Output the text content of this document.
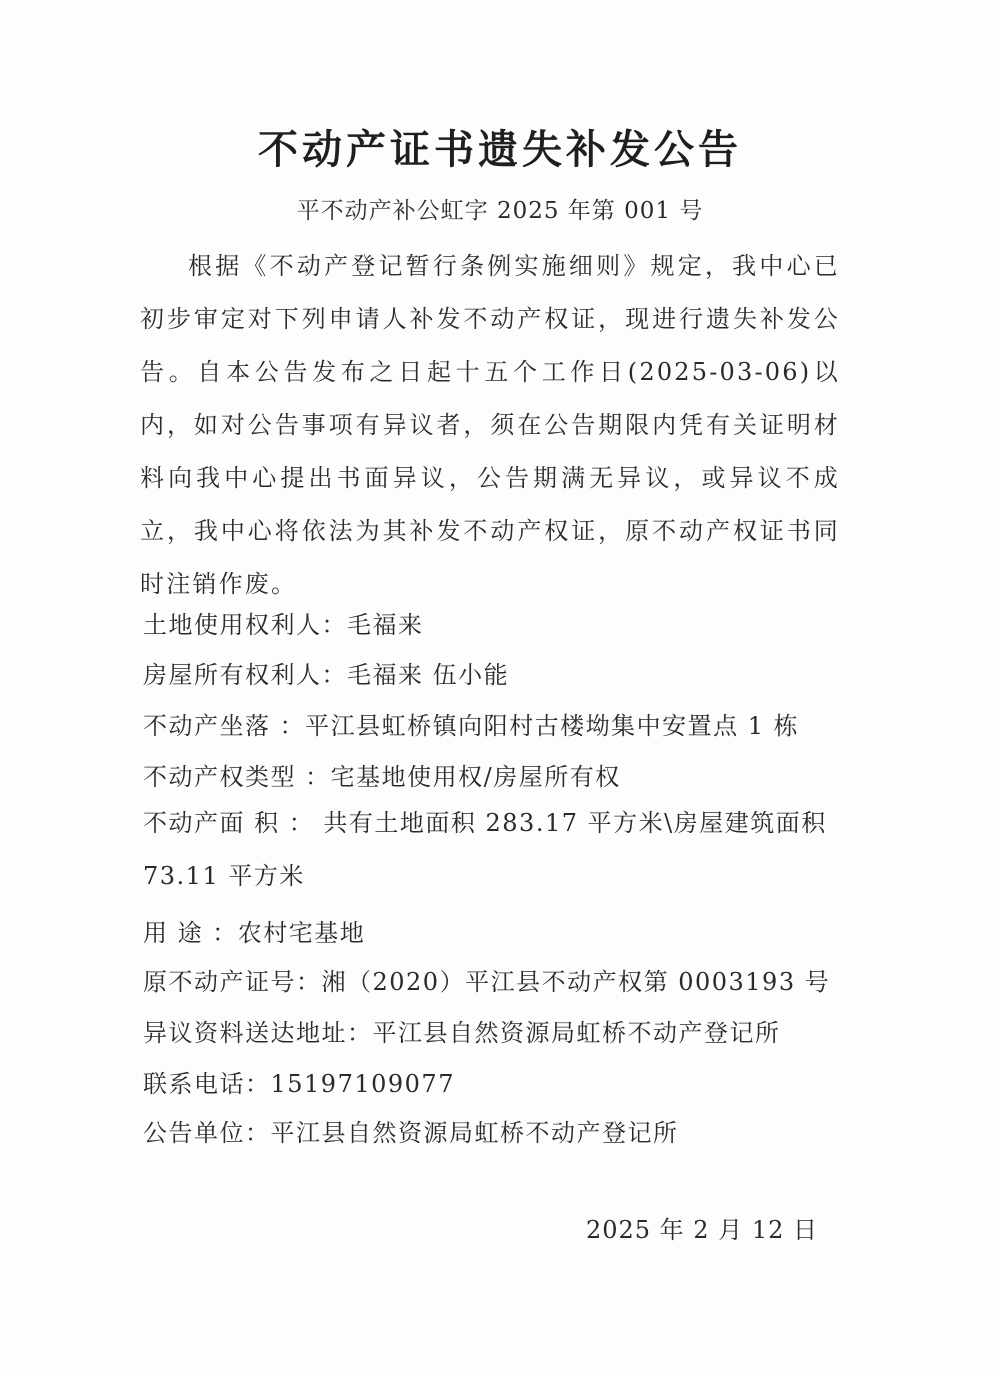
不动产证书遗失补发公告
平不动产补公虹字 2025 年第 001 号
根据《不动产登记暂行条例实施细则》规定，我中心已初步审定对下列申请人补发不动产权证，现进行遗失补发公告。自本公告发布之日起十五个工作日(2025-03-06)以内，如对公告事项有异议者，须在公告期限内凭有关证明材料向我中心提出书面异议，公告期满无异议，或异议不成立，我中心将依法为其补发不动产权证，原不动产权证书同时注销作废。
土地使用权利人：毛福来
房屋所有权利人：毛福来 伍小能
不动产坐落 ：平江县虹桥镇向阳村古楼坳集中安置点 1 栋
不动产权类型 ：宅基地使用权/房屋所有权
不动产面 积 ： 共有土地面积 283.17 平方米\房屋建筑面积 73.11 平方米
用 途 ：农村宅基地
原不动产证号：湘（2020）平江县不动产权第 0003193 号
异议资料送达地址：平江县自然资源局虹桥不动产登记所
联系电话：15197109077
公告单位：平江县自然资源局虹桥不动产登记所
2025 年 2 月 12 日
